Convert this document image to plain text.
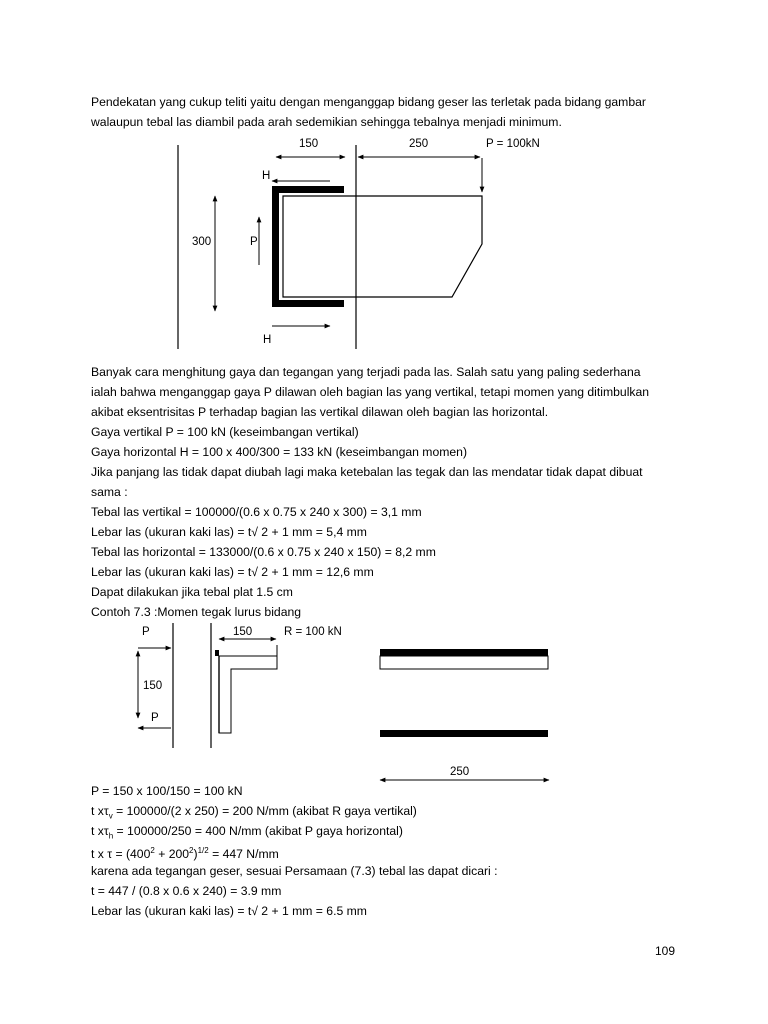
Pendekatan yang cukup teliti yaitu dengan menganggap bidang geser las terletak pada bidang gambar
walaupun tebal las diambil pada arah sedemikian sehingga tebalnya menjadi minimum.
150	250	P = 100kN
H
H
P
300
Banyak cara menghitung gaya dan tegangan yang terjadi pada las. Salah satu yang paling sederhana
ialah bahwa menganggap gaya P dilawan oleh bagian las yang vertikal, tetapi momen yang ditimbulkan
akibat eksentrisitas P terhadap bagian las vertikal dilawan oleh bagian las horizontal.
Gaya vertikal P = 100 kN (keseimbangan vertikal)
Gaya horizontal H = 100 x 400/300 = 133 kN (keseimbangan momen)
Jika panjang las tidak dapat diubah lagi maka ketebalan las tegak dan las mendatar tidak dapat dibuat
sama :
Tebal las vertikal = 100000/(0.6 x 0.75 x 240 x 300) = 3,1 mm
Lebar las (ukuran kaki las) = t√ 2 + 1 mm = 5,4 mm
Tebal las horizontal = 133000/(0.6 x 0.75 x 240 x 150) = 8,2 mm
Lebar las (ukuran kaki las) = t√ 2 + 1 mm = 12,6 mm
Dapat dilakukan jika tebal plat 1.5 cm
Contoh 7.3 :Momen tegak lurus bidang
P
150
P
150	R = 100 kN
250
P = 150 x 100/150 = 100 kN
t $x\tau_v = 100000/(2$ x 250) = 200 N/mm (akibat R gaya vertikal)
t $x\tau_h = 100000/250 = 400$ N/mm (akibat P gaya horizontal)
t x $\tau = (400^2 + 200^2)^{1/2} = 447$ N/mm
karena ada tegangan geser, sesuai Persamaan (7.3) tebal las dapat dicari :
t = 447 / (0.8 x 0.6 x 240) = 3.9 mm
Lebar las (ukuran kaki las) = t√ 2 + 1 mm = 6.5 mm
109
